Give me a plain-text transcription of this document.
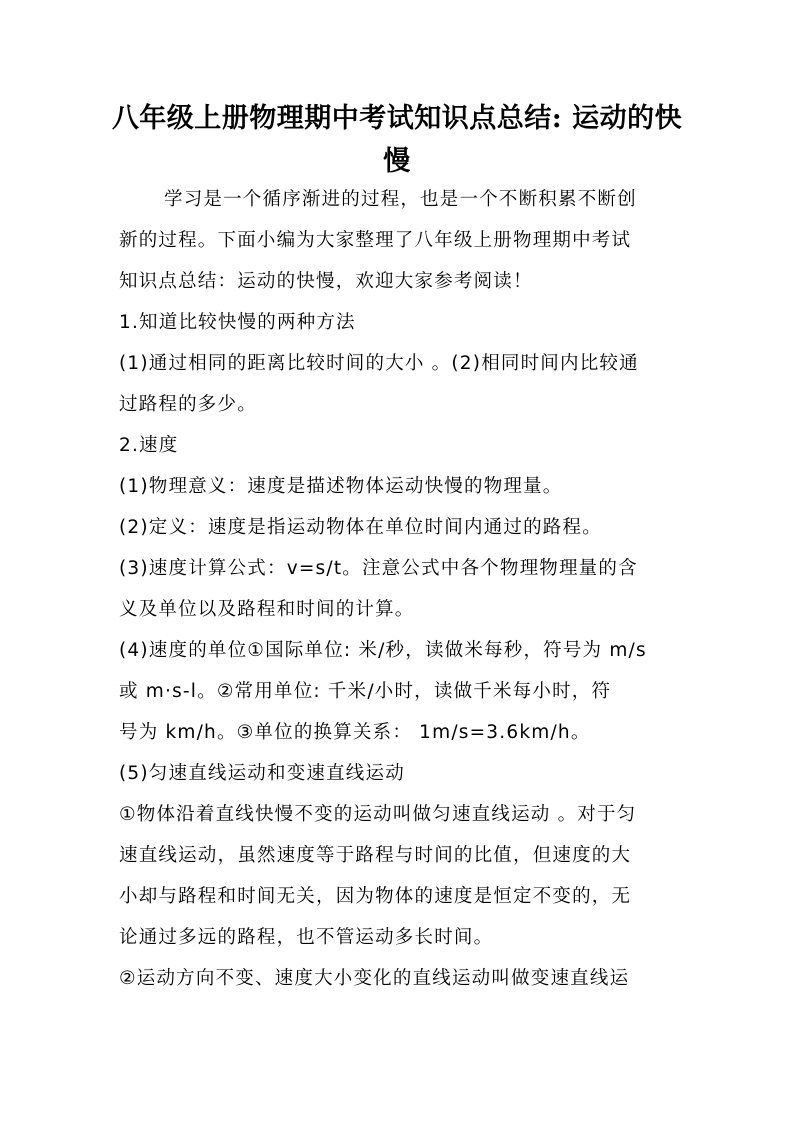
八年级上册物理期中考试知识点总结: 运动的快
慢
学习是一个循序渐进的过程，也是一个不断积累不断创
新的过程。下面小编为大家整理了八年级上册物理期中考试
知识点总结：运动的快慢，欢迎大家参考阅读！
1.知道比较快慢的两种方法
(1)通过相同的距离比较时间的大小 。(2)相同时间内比较通
过路程的多少。
2.速度
(1)物理意义：速度是描述物体运动快慢的物理量。
(2)定义：速度是指运动物体在单位时间内通过的路程。
(3)速度计算公式：v=s/t。注意公式中各个物理物理量的含
义及单位以及路程和时间的计算。
(4)速度的单位①国际单位: 米/秒，读做米每秒，符号为 m/s
或 m·s-l。②常用单位: 千米/小时，读做千米每小时，符
号为 km/h。③单位的换算关系： 1m/s=3.6km/h。
(5)匀速直线运动和变速直线运动
①物体沿着直线快慢不变的运动叫做匀速直线运动 。对于匀
速直线运动，虽然速度等于路程与时间的比值，但速度的大
小却与路程和时间无关，因为物体的速度是恒定不变的，无
论通过多远的路程，也不管运动多长时间。
②运动方向不变、速度大小变化的直线运动叫做变速直线运
